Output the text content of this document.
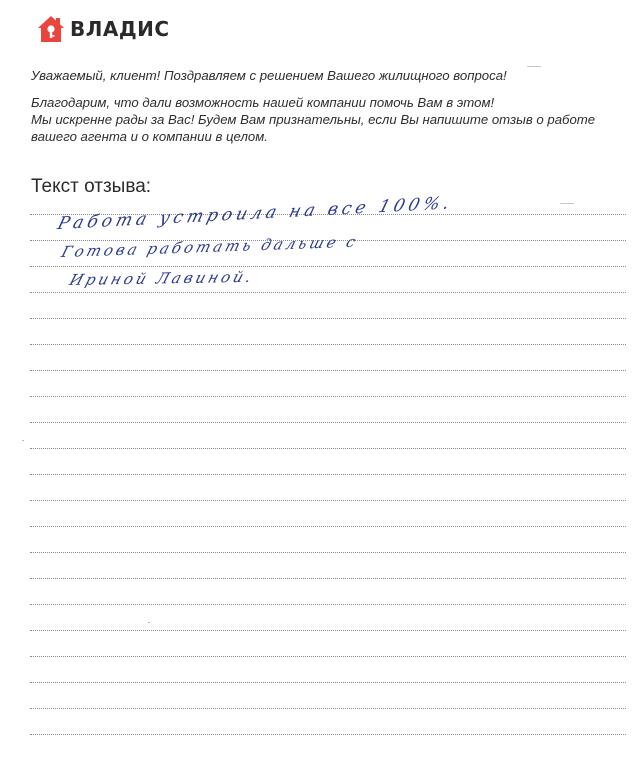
ВЛАДИС

Уважаемый, клиент! Поздравляем с решением Вашего жилищного вопроса!

Благодарим, что дали возможность нашей компании помочь Вам в этом!

Мы искренне рады за Вас! Будем Вам признательны, если Вы напишите отзыв о работе

вашего агента и о компании в целом.

Текст отзыва:
Работа устроила на все 100%.
Готова работать дальше с
Ириной Лавиной.
